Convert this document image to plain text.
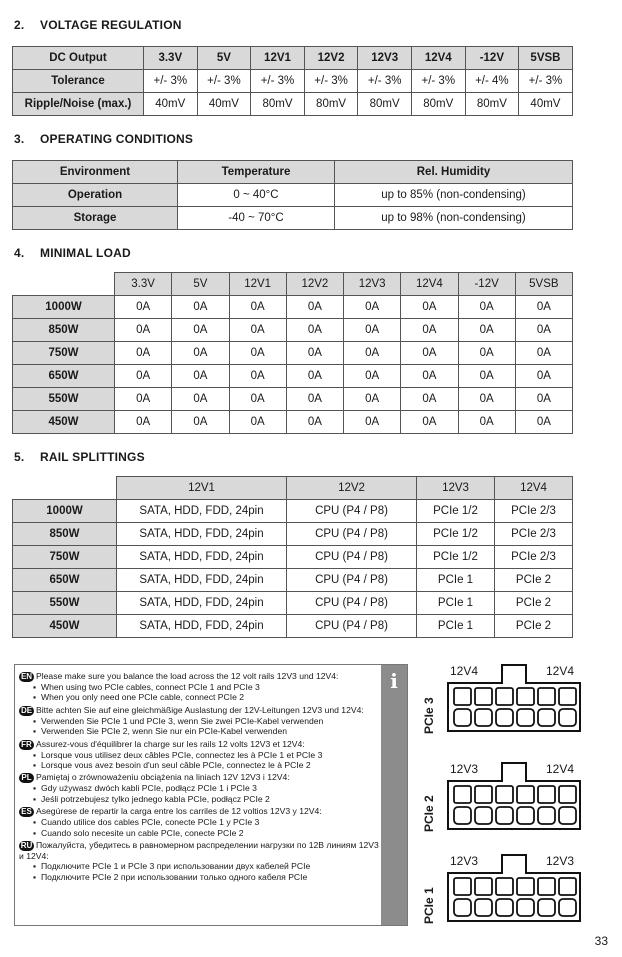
2. VOLTAGE REGULATION
DC Output	3.3V	5V	12V1	12V2	12V3	12V4	-12V	5VSB
Tolerance	+/- 3%	+/- 3%	+/- 3%	+/- 3%	+/- 3%	+/- 3%	+/- 4%	+/- 3%
Ripple/Noise (max.)	40mV	40mV	80mV	80mV	80mV	80mV	80mV	40mV
3. OPERATING CONDITIONS
Environment	Temperature	Rel. Humidity
Operation	0 ~ 40°C	up to 85% (non-condensing)
Storage	-40 ~ 70°C	up to 98% (non-condensing)
4. MINIMAL LOAD
	3.3V	5V	12V1	12V2	12V3	12V4	-12V	5VSB
1000W	0A	0A	0A	0A	0A	0A	0A	0A
850W	0A	0A	0A	0A	0A	0A	0A	0A
750W	0A	0A	0A	0A	0A	0A	0A	0A
650W	0A	0A	0A	0A	0A	0A	0A	0A
550W	0A	0A	0A	0A	0A	0A	0A	0A
450W	0A	0A	0A	0A	0A	0A	0A	0A
5. RAIL SPLITTINGS
	12V1	12V2	12V3	12V4
1000W	SATA, HDD, FDD, 24pin	CPU (P4 / P8)	PCIe 1/2	PCIe 2/3
850W	SATA, HDD, FDD, 24pin	CPU (P4 / P8)	PCIe 1/2	PCIe 2/3
750W	SATA, HDD, FDD, 24pin	CPU (P4 / P8)	PCIe 1/2	PCIe 2/3
650W	SATA, HDD, FDD, 24pin	CPU (P4 / P8)	PCIe 1	PCIe 2
550W	SATA, HDD, FDD, 24pin	CPU (P4 / P8)	PCIe 1	PCIe 2
450W	SATA, HDD, FDD, 24pin	CPU (P4 / P8)	PCIe 1	PCIe 2
EN Please make sure you balance the load across the 12 volt rails 12V3 und 12V4:
▪ When using two PCIe cables, connect PCIe 1 and PCIe 3
▪ When you only need one PCIe cable, connect PCIe 2
DE Bitte achten Sie auf eine gleichmäßige Auslastung der 12V-Leitungen 12V3 und 12V4:
▪ Verwenden Sie PCIe 1 und PCIe 3, wenn Sie zwei PCIe-Kabel verwenden
▪ Verwenden Sie PCIe 2, wenn Sie nur ein PCIe-Kabel verwenden
FR Assurez-vous d'équilibrer la charge sur les rails 12 volts 12V3 et 12V4:
▪ Lorsque vous utilisez deux câbles PCIe, connectez les à PCIe 1 et PCIe 3
▪ Lorsque vous avez besoin d'un seul câble PCIe, connectez le à PCIe 2
PL Pamiętaj o zrównoważeniu obciążenia na liniach 12V 12V3 i 12V4:
▪ Gdy używasz dwóch kabli PCIe, podłącz PCIe 1 i PCIe 3
▪ Jeśli potrzebujesz tylko jednego kabla PCIe, podłącz PCIe 2
ES Asegúrese de repartir la carga entre los carriles de 12 voltios 12V3 y 12V4:
▪ Cuando utilice dos cables PCIe, conecte PCIe 1 y PCIe 3
▪ Cuando solo necesite un cable PCIe, conecte PCIe 2
RU Пожалуйста, убедитесь в равномерном распределении нагрузки по 12В линиям 12V3 и 12V4:
▪ Подключите PCIe 1 и PCIe 3 при использовании двух кабелей PCIe
▪ Подключите PCIe 2 при использовании только одного кабеля PCIe
i	12V4	12V4
PCIe 3
12V3	12V4
PCIe 2
12V3	12V3
PCIe 1
33
